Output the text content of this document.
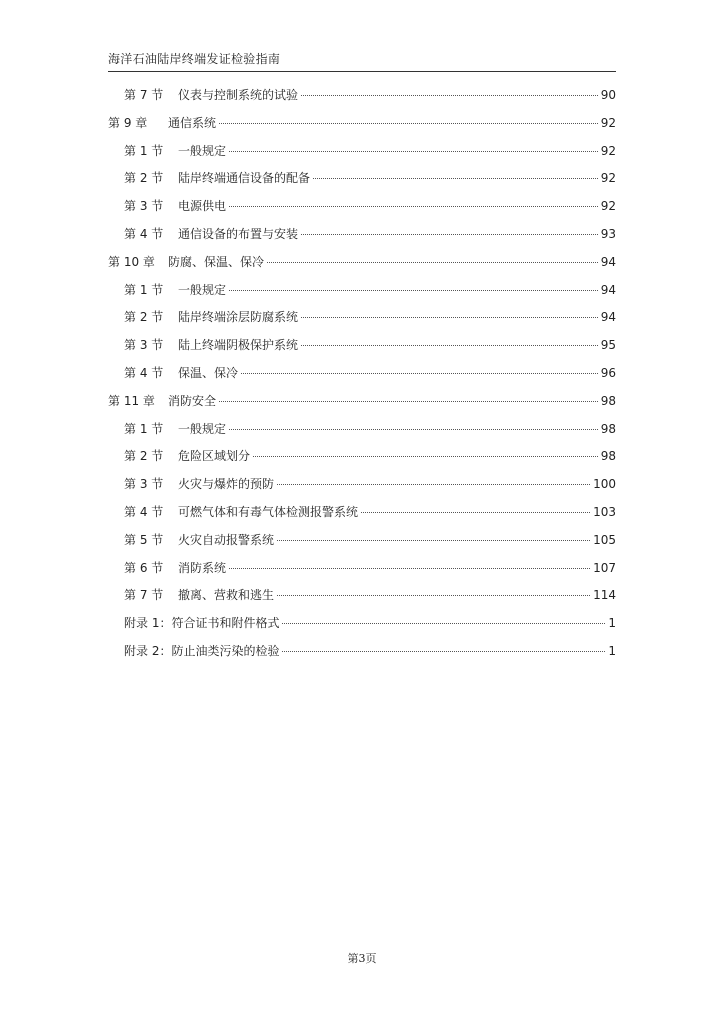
海洋石油陆岸终端发证检验指南
第 7 节	仪表与控制系统的试验	90
第 9 章	通信系统	92
第 1 节	一般规定	92
第 2 节	陆岸终端通信设备的配备	92
第 3 节	电源供电	92
第 4 节	通信设备的布置与安装	93
第 10 章	防腐、保温、保冷	94
第 1 节	一般规定	94
第 2 节	陆岸终端涂层防腐系统	94
第 3 节	陆上终端阴极保护系统	95
第 4 节	保温、保冷	96
第 11 章	消防安全	98
第 1 节	一般规定	98
第 2 节	危险区域划分	98
第 3 节	火灾与爆炸的预防	100
第 4 节	可燃气体和有毒气体检测报警系统	103
第 5 节	火灾自动报警系统	105
第 6 节	消防系统	107
第 7 节	撤离、营救和逃生	114
附录 1：符合证书和附件格式	1
附录 2：防止油类污染的检验	1
第3页
